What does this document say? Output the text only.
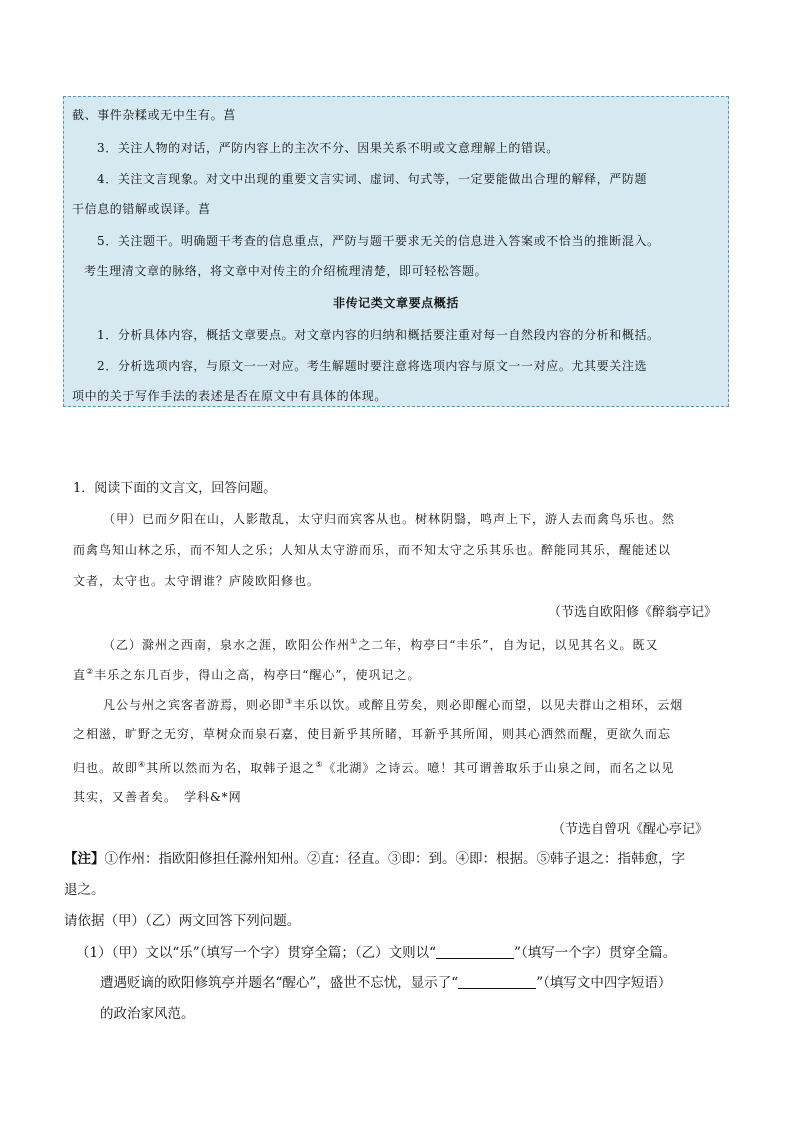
截、事件杂糅或无中生有。菖

3．关注人物的对话，严防内容上的主次不分、因果关系不明或文意理解上的错误。

4．关注文言现象。对文中出现的重要文言实词、虚词、句式等，一定要能做出合理的解释，严防题

干信息的错解或误译。菖

5．关注题干。明确题干考查的信息重点，严防与题干要求无关的信息进入答案或不恰当的推断混入。

考生理清文章的脉络，将文章中对传主的介绍梳理清楚，即可轻松答题。

非传记类文章要点概括

1．分析具体内容，概括文章要点。对文章内容的归纳和概括要注重对每一自然段内容的分析和概括。

2．分析选项内容，与原文一一对应。考生解题时要注意将选项内容与原文一一对应。尤其要关注选

项中的关于写作手法的表述是否在原文中有具体的体现。

1．阅读下面的文言文，回答问题。
（甲）已而夕阳在山，人影散乱，太守归而宾客从也。树林阴翳，鸣声上下，游人去而禽鸟乐也。然
而禽鸟知山林之乐，而不知人之乐；人知从太守游而乐，而不知太守之乐其乐也。醉能同其乐，醒能述以
文者，太守也。太守谓谁？庐陵欧阳修也。
（节选自欧阳修《醉翁亭记》
（乙）滁州之西南，泉水之涯，欧阳公作州①之二年，构亭曰“丰乐”，自为记，以见其名义。既又
直②丰乐之东几百步，得山之高，构亭曰“醒心”，使巩记之。
凡公与州之宾客者游焉，则必即③丰乐以饮。或醉且劳矣，则必即醒心而望，以见夫群山之相环，云烟
之相滋，旷野之无穷，草树众而泉石嘉，使目新乎其所睹，耳新乎其所闻，则其心洒然而醒，更欲久而忘
归也。故即④其所以然而为名，取韩子退之⑤《北湖》之诗云。噫！其可谓善取乐于山泉之间，而名之以见
其实，又善者矣。　学科&*网
（节选自曾巩《醒心亭记》
【注】①作州：指欧阳修担任滁州知州。②直：径直。③即：到。④即：根据。⑤韩子退之：指韩愈，字
退之。
请依据（甲）（乙）两文回答下列问题。
（1）（甲）文以“乐”（填写一个字）贯穿全篇；（乙）文则以“	”（填写一个字）贯穿全篇。
遭遇贬谪的欧阳修筑亭并题名“醒心”，盛世不忘忧，显示了“	”（填写文中四字短语）
的政治家风范。
